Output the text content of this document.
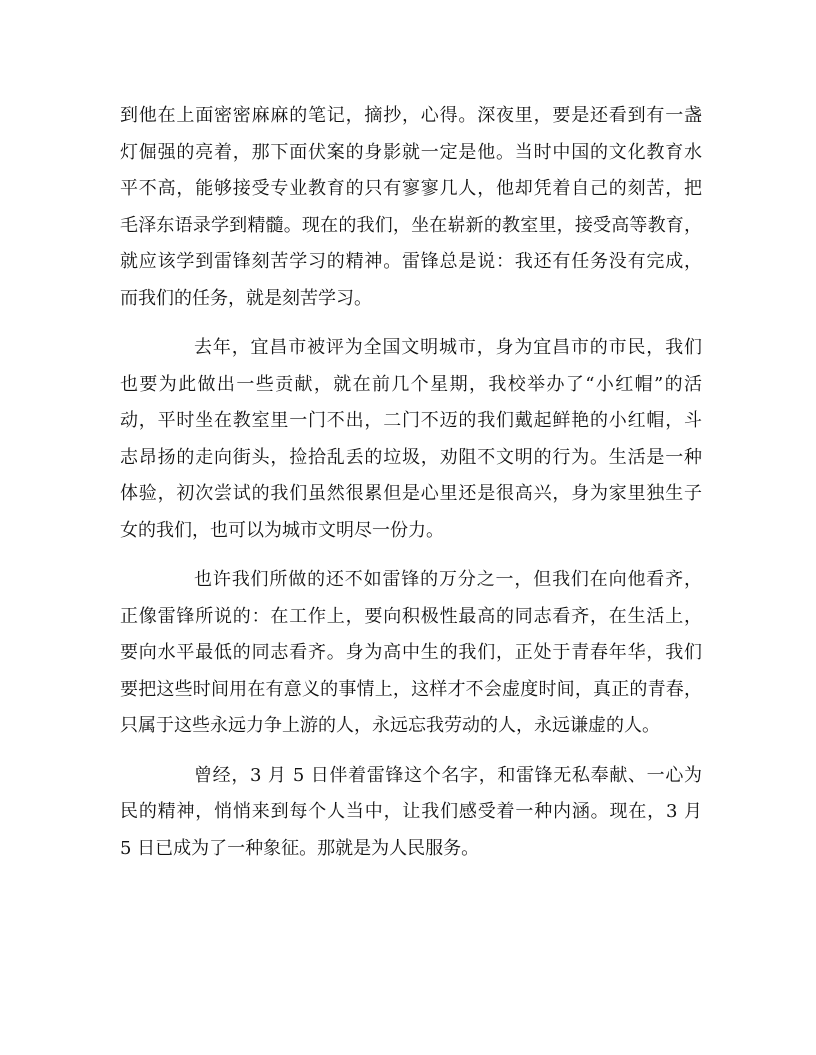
到他在上面密密麻麻的笔记，摘抄，心得。深夜里，要是还看到有一盏
灯倔强的亮着，那下面伏案的身影就一定是他。当时中国的文化教育水
平不高，能够接受专业教育的只有寥寥几人，他却凭着自己的刻苦，把
毛泽东语录学到精髓。现在的我们，坐在崭新的教室里，接受高等教育，
就应该学到雷锋刻苦学习的精神。雷锋总是说：我还有任务没有完成，
而我们的任务，就是刻苦学习。
去年，宜昌市被评为全国文明城市，身为宜昌市的市民，我们
也要为此做出一些贡献，就在前几个星期，我校举办了“小红帽”的活
动，平时坐在教室里一门不出，二门不迈的我们戴起鲜艳的小红帽，斗
志昂扬的走向街头，捡拾乱丢的垃圾，劝阻不文明的行为。生活是一种
体验，初次尝试的我们虽然很累但是心里还是很高兴，身为家里独生子
女的我们，也可以为城市文明尽一份力。
也许我们所做的还不如雷锋的万分之一，但我们在向他看齐，
正像雷锋所说的：在工作上，要向积极性最高的同志看齐，在生活上，
要向水平最低的同志看齐。身为高中生的我们，正处于青春年华，我们
要把这些时间用在有意义的事情上，这样才不会虚度时间，真正的青春，
只属于这些永远力争上游的人，永远忘我劳动的人，永远谦虚的人。
曾经，3 月 5 日伴着雷锋这个名字，和雷锋无私奉献、一心为
民的精神，悄悄来到每个人当中，让我们感受着一种内涵。现在，3 月
5 日已成为了一种象征。那就是为人民服务。
